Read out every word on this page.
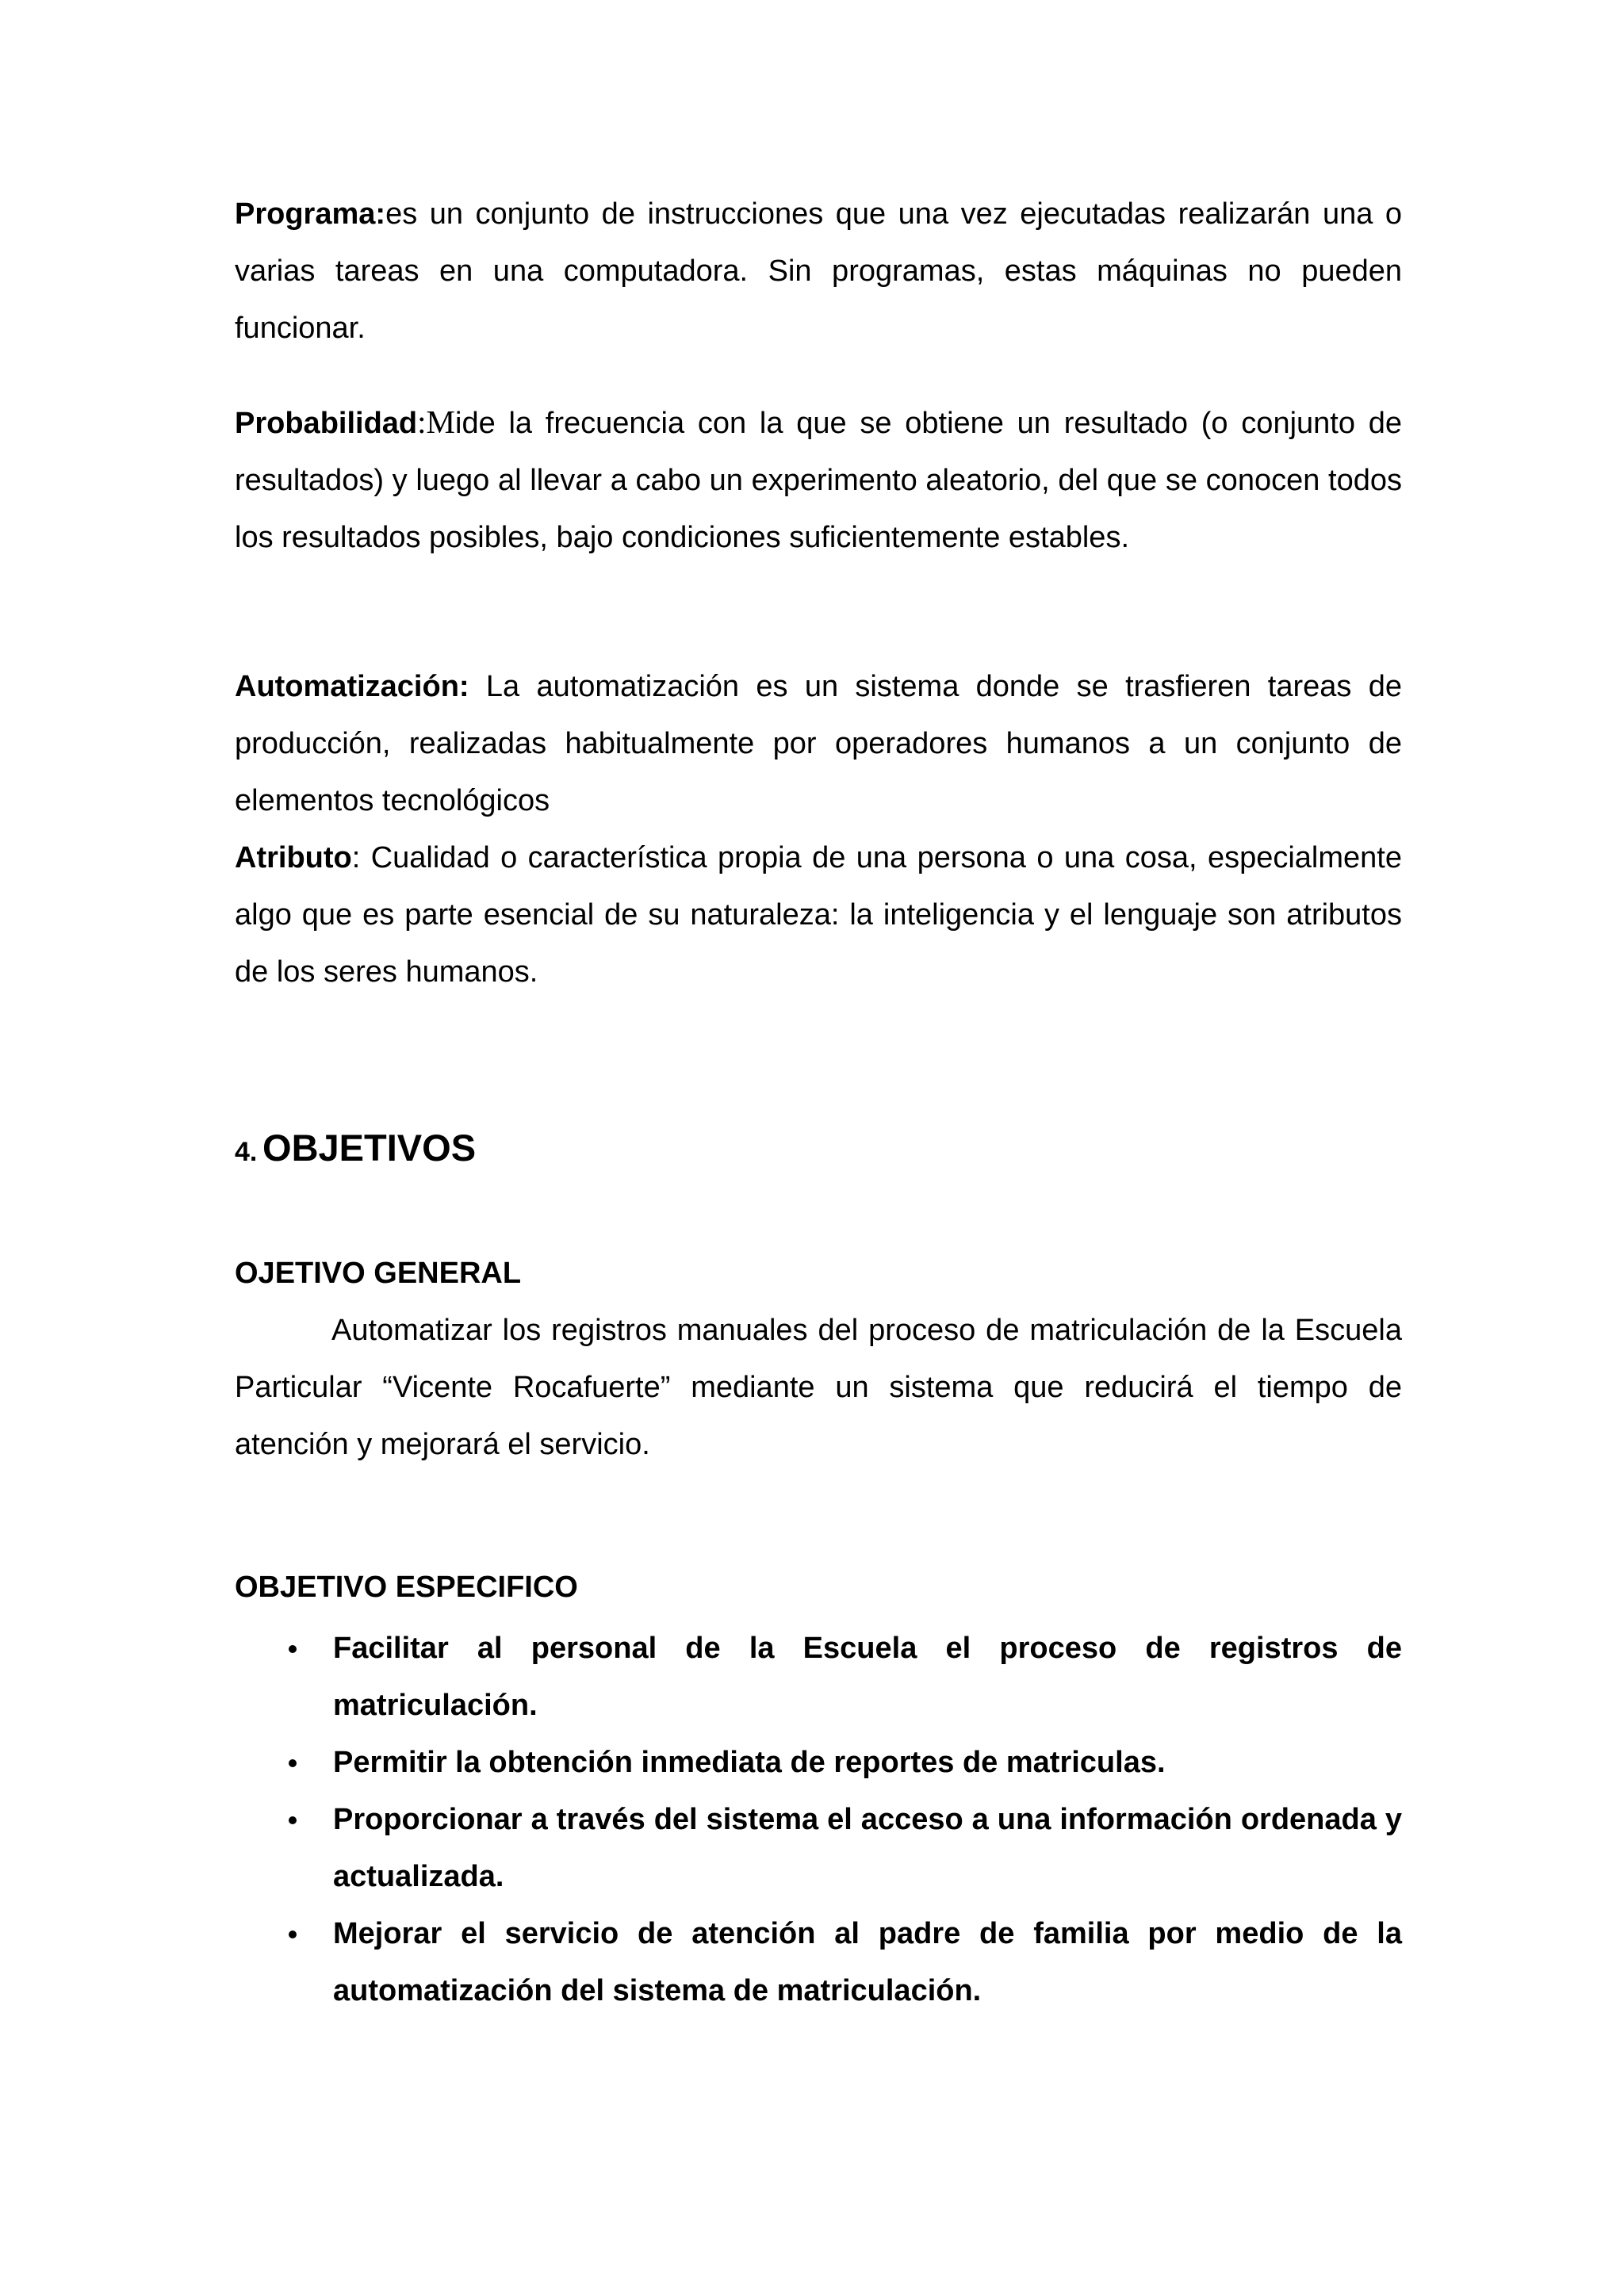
Programa:es un conjunto de instrucciones que una vez ejecutadas realizarán una o varias tareas en una computadora. Sin programas, estas máquinas no pueden funcionar.

Probabilidad:Mide la frecuencia con la que se obtiene un resultado (o conjunto de resultados) y luego al llevar a cabo un experimento aleatorio, del que se conocen todos los resultados posibles, bajo condiciones suficientemente estables.

Automatización: La automatización es un sistema donde se trasfieren tareas de producción, realizadas habitualmente por operadores humanos a un conjunto de elementos tecnológicos

Atributo: Cualidad o característica propia de una persona o una cosa, especialmente algo que es parte esencial de su naturaleza: la inteligencia y el lenguaje son atributos de los seres humanos.

4. OBJETIVOS
OJETIVO GENERAL

Automatizar los registros manuales del proceso de matriculación de la Escuela Particular “Vicente Rocafuerte” mediante un sistema que reducirá el tiempo de atención y mejorará el servicio.

OBJETIVO ESPECIFICO
Facilitar al personal de la Escuela el proceso de registros de matriculación.
Permitir la obtención inmediata de reportes de matriculas.
Proporcionar a través del sistema el acceso a una información ordenada y actualizada.
Mejorar el servicio de atención al padre de familia por medio de la automatización del sistema de matriculación.
